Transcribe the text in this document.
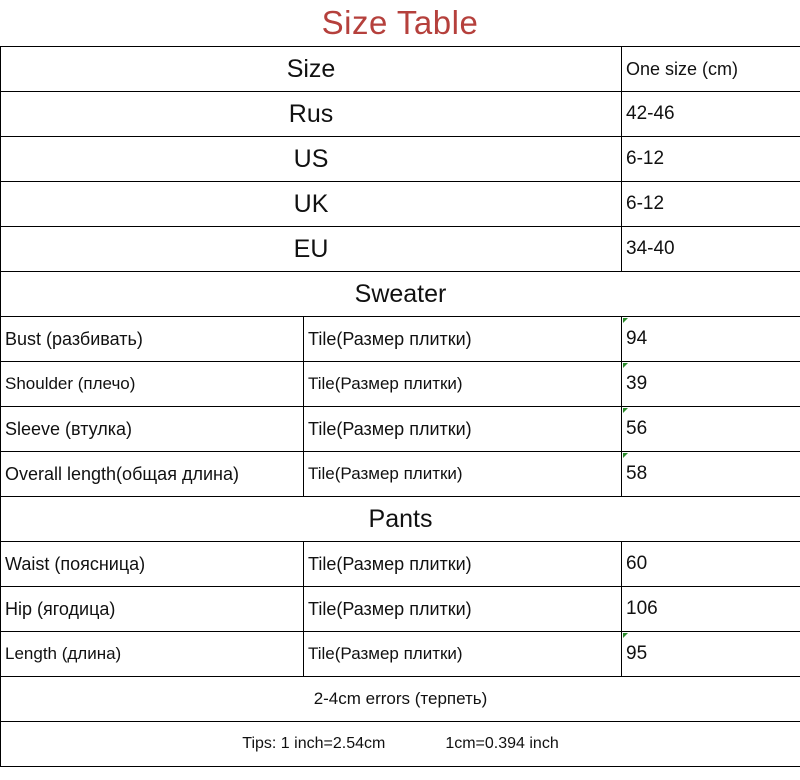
Size Table
Size		One size (cm)
Rus		42-46
US		6-12
UK		6-12
EU		34-40
Sweater		
Bust (разбивать)	Tile(Размер плитки)	94
Shoulder (плечо)	Tile(Размер плитки)	39
Sleeve (втулка)	Tile(Размер плитки)	56
Overall length(общая длина)	Tile(Размер плитки)	58
Pants		
Waist (поясница)	Tile(Размер плитки)	60
Hip (ягодица)	Tile(Размер плитки)	106
Length (длина)	Tile(Размер плитки)	95
2-4cm errors (терпеть)		
Tips: 1 inch=2.54cm 1cm=0.394 inch		
